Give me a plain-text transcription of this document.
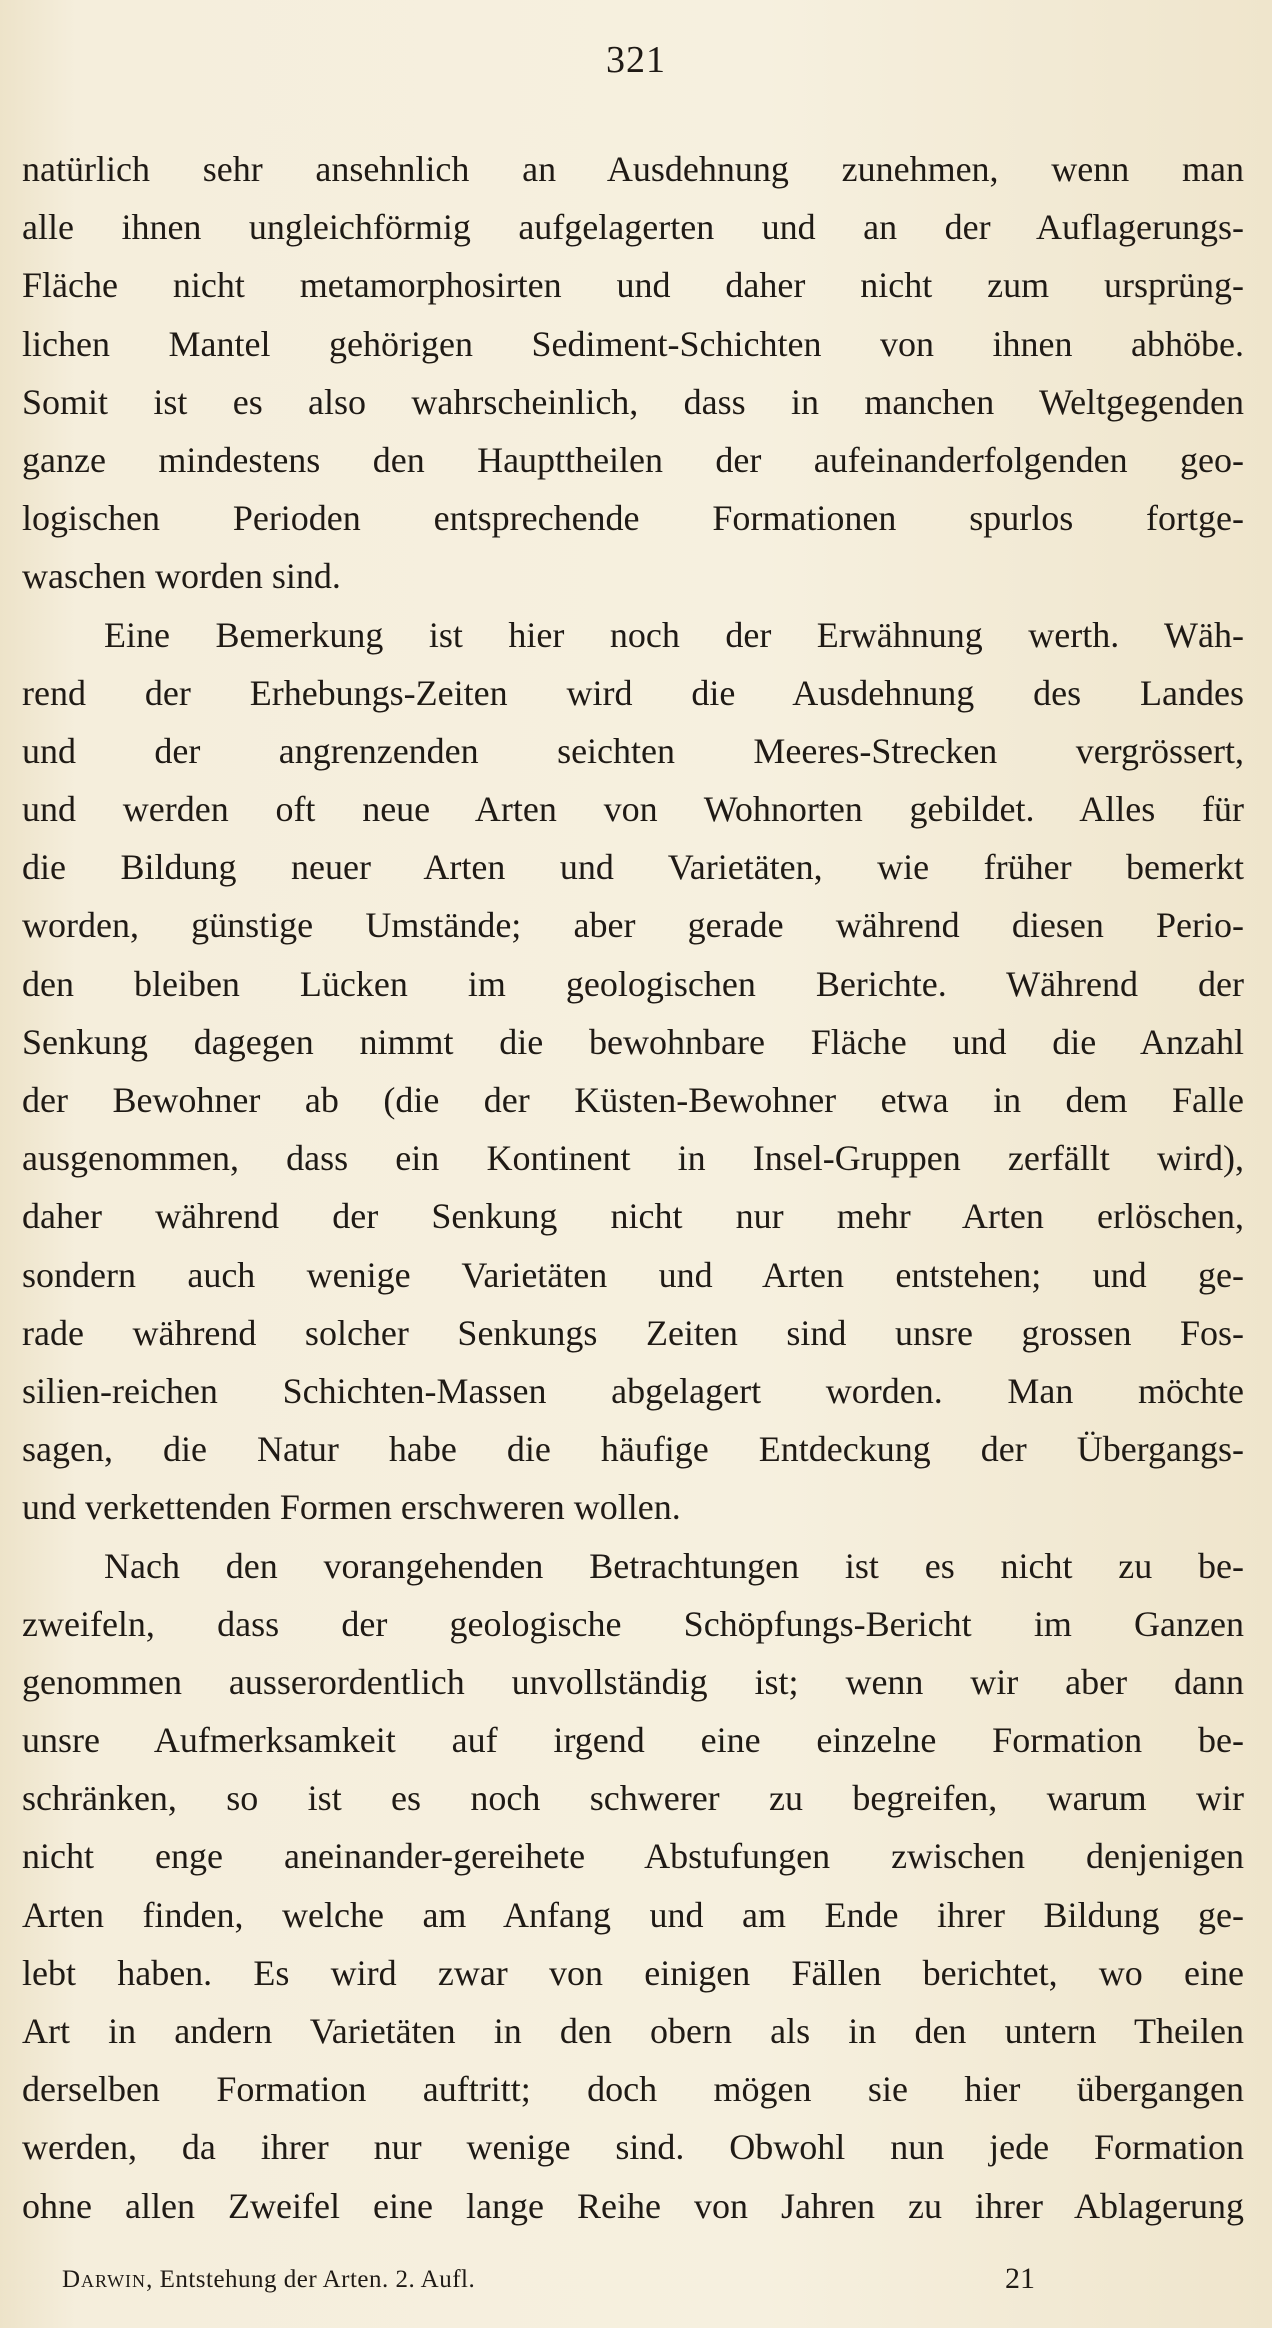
321
natürlich sehr ansehnlich an Ausdehnung zunehmen, wenn man
alle ihnen ungleichförmig aufgelagerten und an der Auflagerungs-
Fläche nicht metamorphosirten und daher nicht zum ursprüng-
lichen Mantel gehörigen Sediment-Schichten von ihnen abhöbe.
Somit ist es also wahrscheinlich, dass in manchen Weltgegenden
ganze mindestens den Haupttheilen der aufeinanderfolgenden geo-
logischen Perioden entsprechende Formationen spurlos fortge-
waschen worden sind.
Eine Bemerkung ist hier noch der Erwähnung werth. Wäh-
rend der Erhebungs-Zeiten wird die Ausdehnung des Landes
und der angrenzenden seichten Meeres-Strecken vergrössert,
und werden oft neue Arten von Wohnorten gebildet. Alles für
die Bildung neuer Arten und Varietäten, wie früher bemerkt
worden, günstige Umstände; aber gerade während diesen Perio-
den bleiben Lücken im geologischen Berichte. Während der
Senkung dagegen nimmt die bewohnbare Fläche und die Anzahl
der Bewohner ab (die der Küsten-Bewohner etwa in dem Falle
ausgenommen, dass ein Kontinent in Insel-Gruppen zerfällt wird),
daher während der Senkung nicht nur mehr Arten erlöschen,
sondern auch wenige Varietäten und Arten entstehen; und ge-
rade während solcher Senkungs Zeiten sind unsre grossen Fos-
silien-reichen Schichten-Massen abgelagert worden. Man möchte
sagen, die Natur habe die häufige Entdeckung der Übergangs-
und verkettenden Formen erschweren wollen.
Nach den vorangehenden Betrachtungen ist es nicht zu be-
zweifeln, dass der geologische Schöpfungs-Bericht im Ganzen
genommen ausserordentlich unvollständig ist; wenn wir aber dann
unsre Aufmerksamkeit auf irgend eine einzelne Formation be-
schränken, so ist es noch schwerer zu begreifen, warum wir
nicht enge aneinander-gereihete Abstufungen zwischen denjenigen
Arten finden, welche am Anfang und am Ende ihrer Bildung ge-
lebt haben. Es wird zwar von einigen Fällen berichtet, wo eine
Art in andern Varietäten in den obern als in den untern Theilen
derselben Formation auftritt; doch mögen sie hier übergangen
werden, da ihrer nur wenige sind. Obwohl nun jede Formation
ohne allen Zweifel eine lange Reihe von Jahren zu ihrer Ablagerung
Darwin, Entstehung der Arten. 2. Aufl.	21
